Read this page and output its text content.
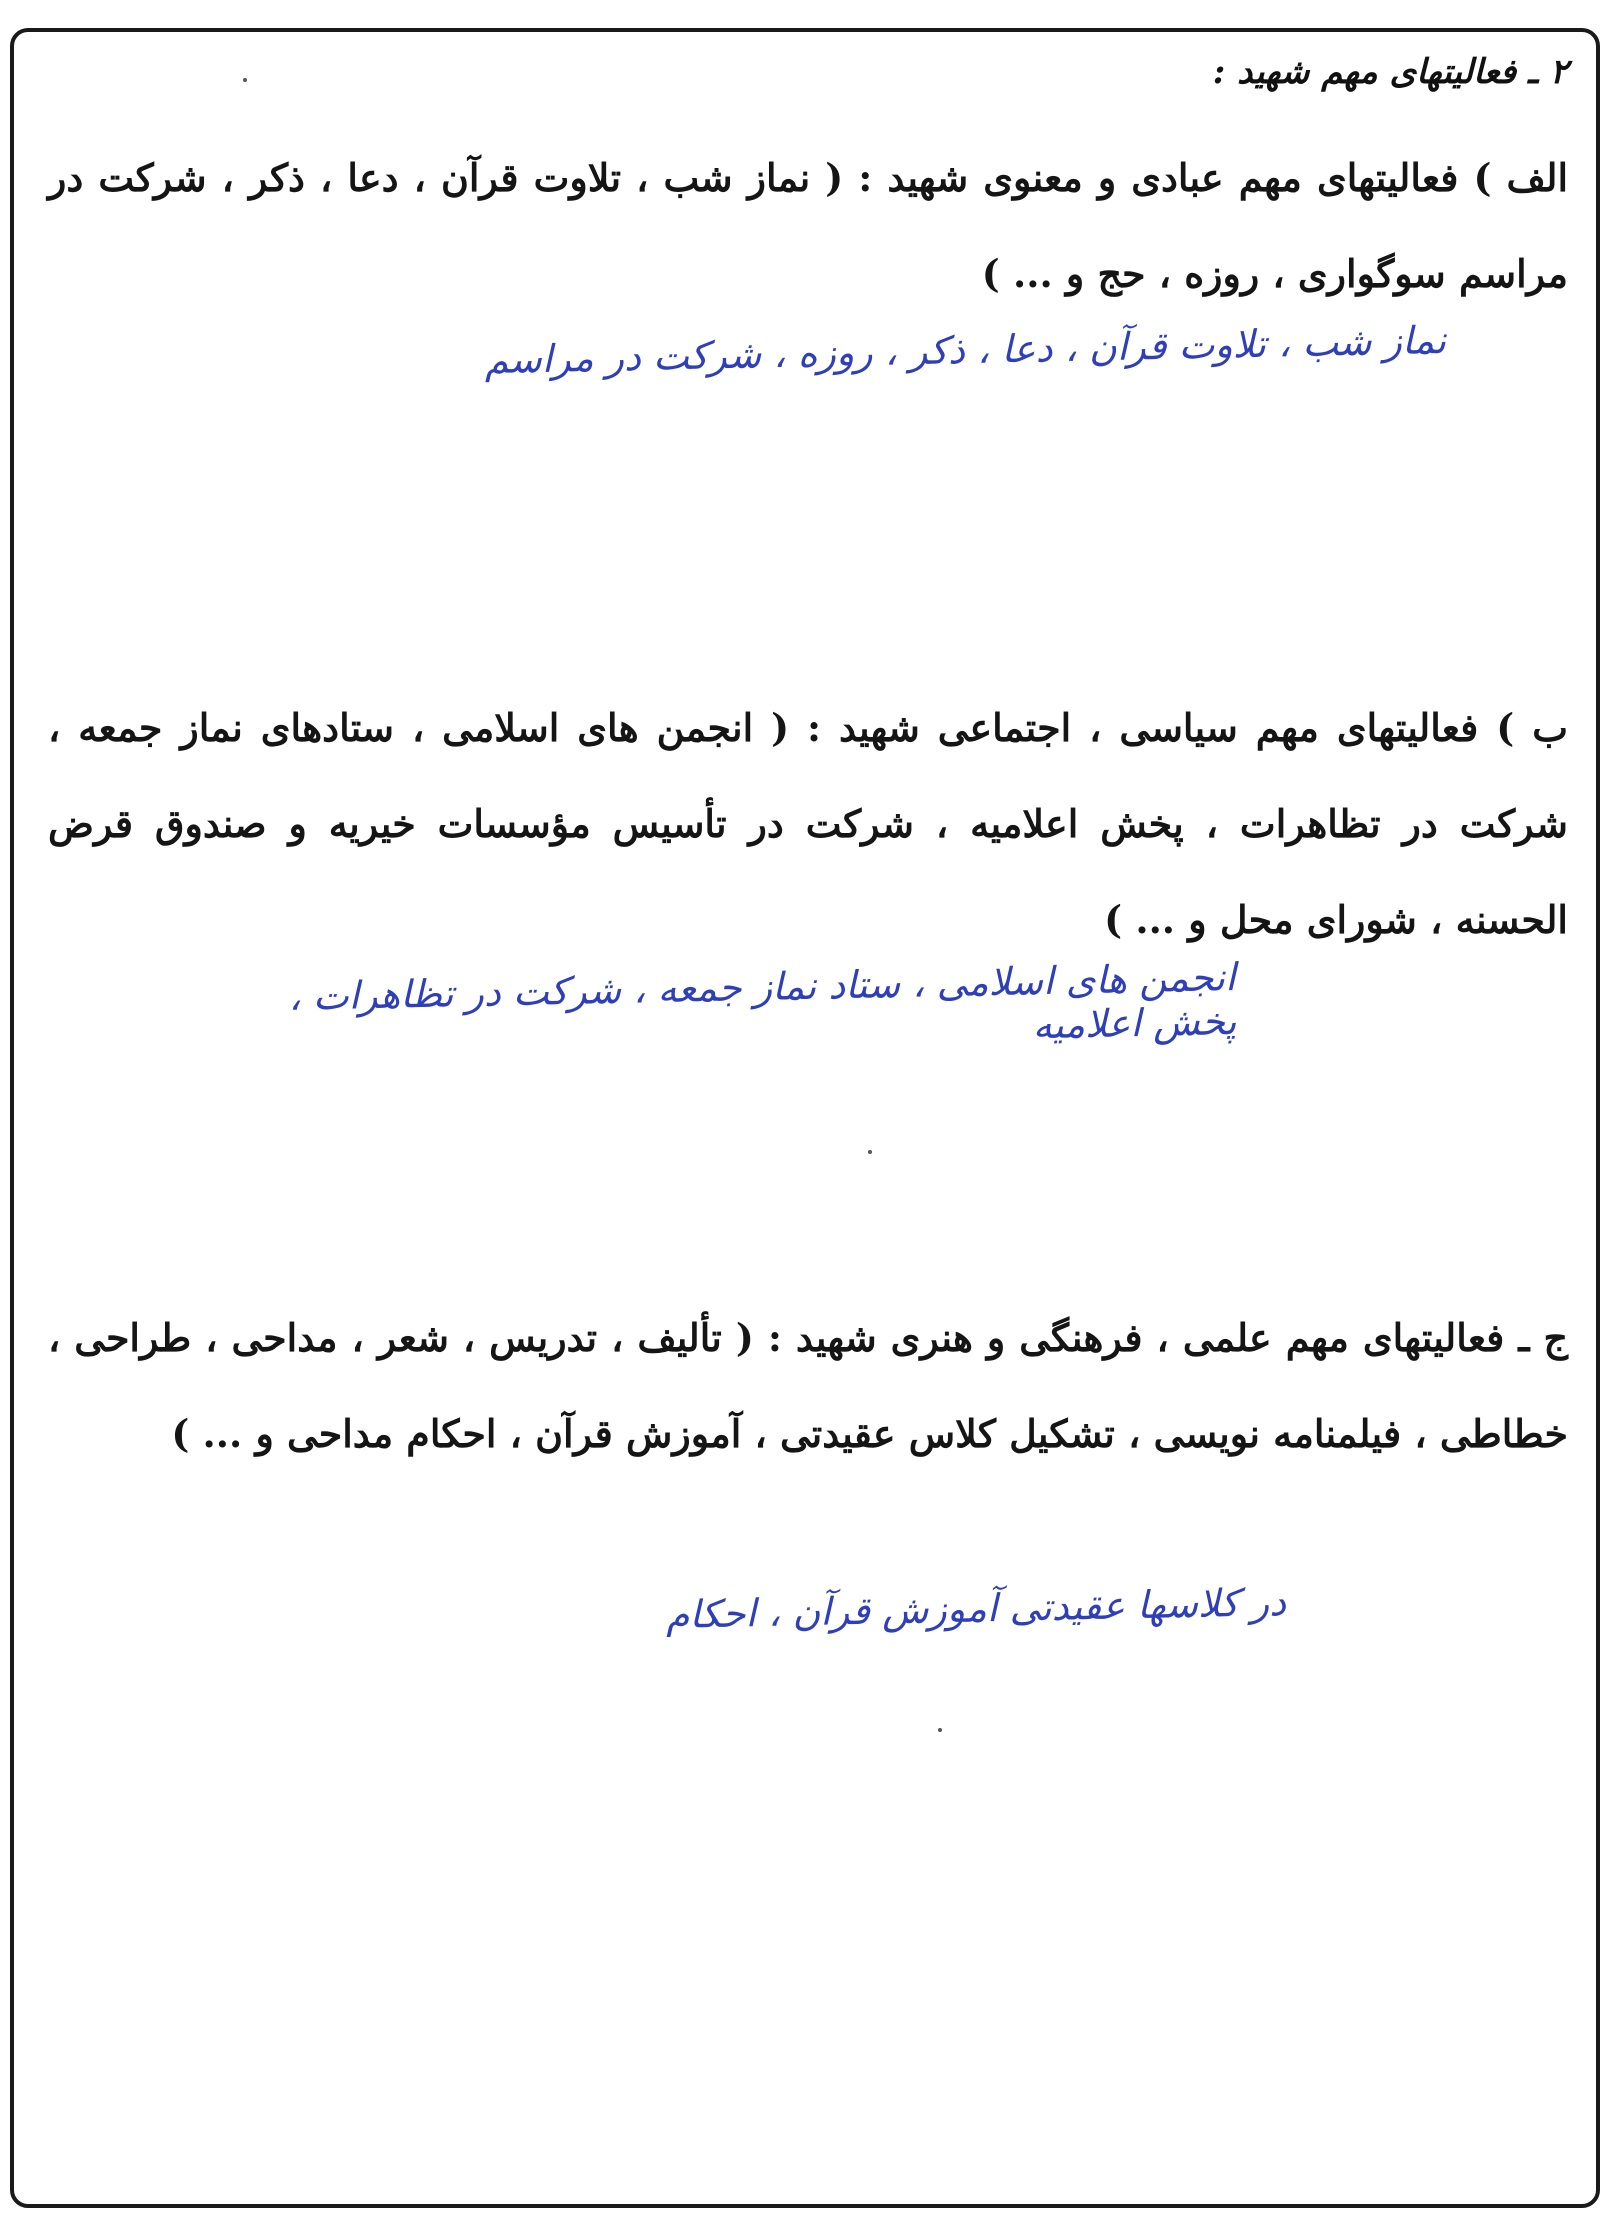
۲ ـ فعالیتهای مهم شهید :
الف ) فعالیتهای مهم عبادی و معنوی شهید : ( نماز شب ، تلاوت قرآن ، دعا ، ذکر ، شرکت در مراسم سوگواری ، روزه ، حج و ... )
نماز شب ، تلاوت قرآن ، دعا ، ذکر ، روزه ، شرکت در مراسم
ب ) فعالیتهای مهم سیاسی ، اجتماعی شهید : ( انجمن های اسلامی ، ستادهای نماز جمعه ، شرکت در تظاهرات ، پخش اعلامیه ، شرکت در تأسیس مؤسسات خیریه و صندوق قرض الحسنه ، شورای محل و ... )
انجمن های اسلامی ، ستاد نماز جمعه ، شرکت در تظاهرات ، پخش اعلامیه
ج ـ فعالیتهای مهم علمی ، فرهنگی و هنری شهید : ( تألیف ، تدریس ، شعر ، مداحی ، طراحی ، خطاطی ، فیلمنامه نویسی ، تشکیل کلاس عقیدتی ، آموزش قرآن ، احکام مداحی و ... )
در کلاسها عقیدتی آموزش قرآن ، احکام
